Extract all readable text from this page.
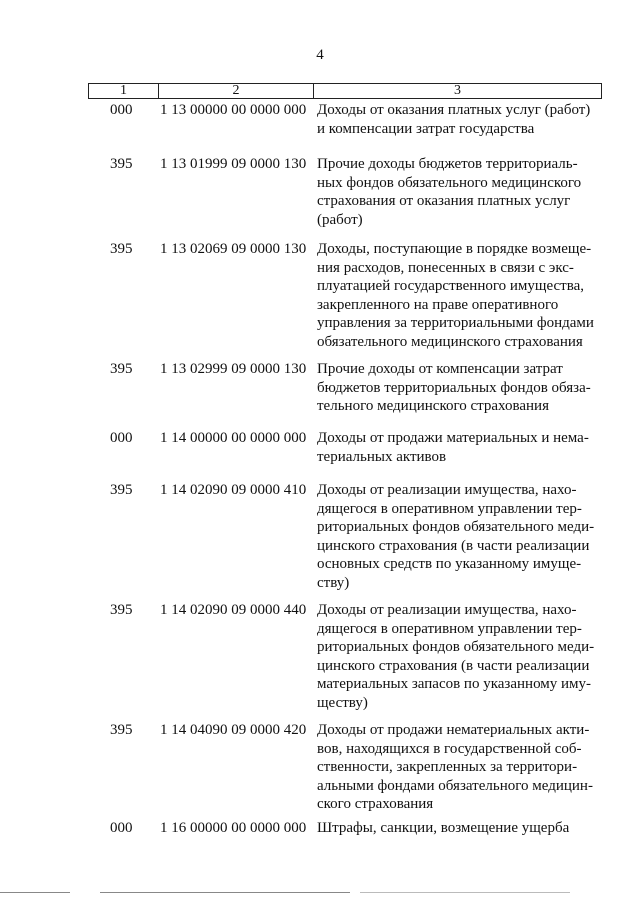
4
1	2	3
000 1 13 00000 00 0000 000 Доходы от оказания платных услуг (работ)
и компенсации затрат государства
395 1 13 01999 09 0000 130 Прочие доходы бюджетов территориаль-
ных фондов обязательного медицинского
страхования от оказания платных услуг
(работ)
395 1 13 02069 09 0000 130 Доходы, поступающие в порядке возмеще-
ния расходов, понесенных в связи с экс-
плуатацией государственного имущества,
закрепленного на праве оперативного
управления за территориальными фондами
обязательного медицинского страхования
395 1 13 02999 09 0000 130 Прочие доходы от компенсации затрат
бюджетов территориальных фондов обяза-
тельного медицинского страхования
000 1 14 00000 00 0000 000 Доходы от продажи материальных и нема-
териальных активов
395 1 14 02090 09 0000 410 Доходы от реализации имущества, нахо-
дящегося в оперативном управлении тер-
риториальных фондов обязательного меди-
цинского страхования (в части реализации
основных средств по указанному имуще-
ству)
395 1 14 02090 09 0000 440 Доходы от реализации имущества, нахо-
дящегося в оперативном управлении тер-
риториальных фондов обязательного меди-
цинского страхования (в части реализации
материальных запасов по указанному иму-
ществу)
395 1 14 04090 09 0000 420 Доходы от продажи нематериальных акти-
вов, находящихся в государственной соб-
ственности, закрепленных за территори-
альными фондами обязательного медицин-
ского страхования
000 1 16 00000 00 0000 000 Штрафы, санкции, возмещение ущерба
